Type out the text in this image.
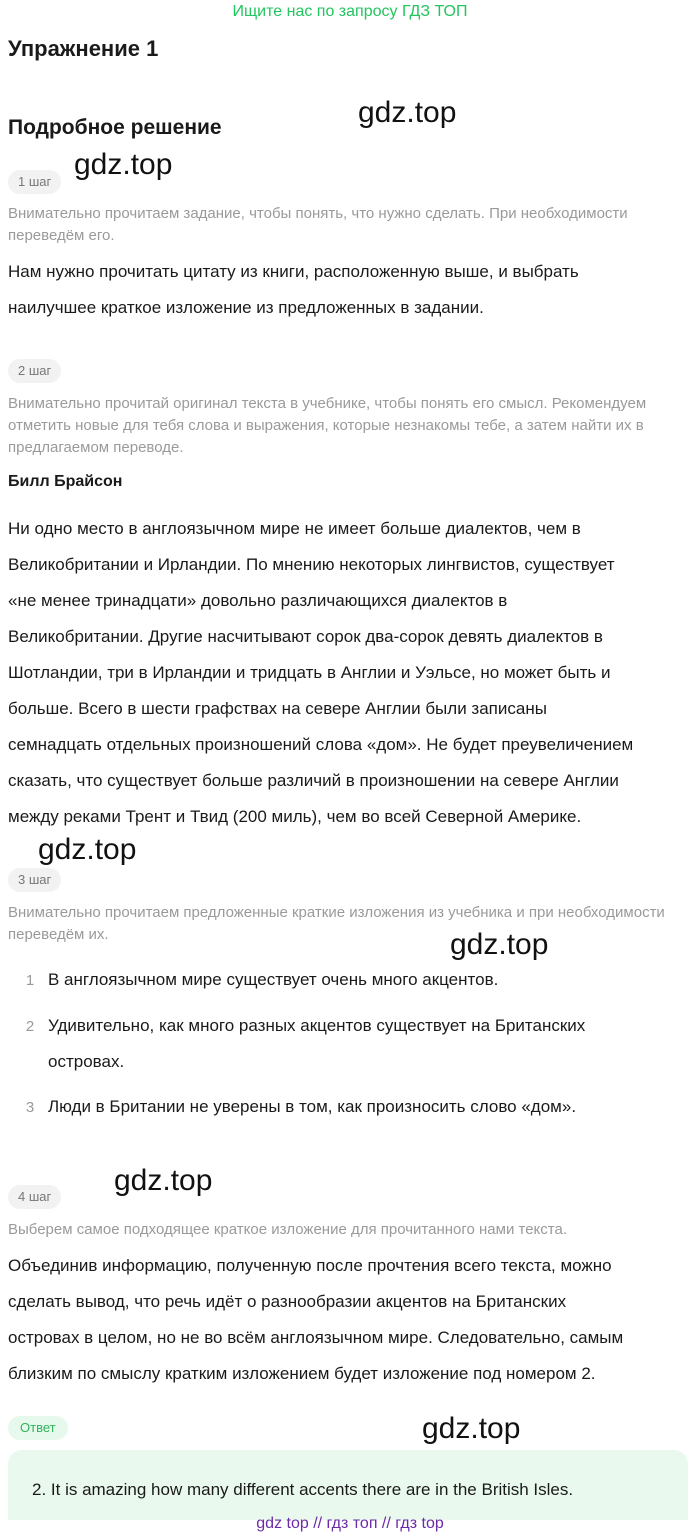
Ищите нас по запросу ГДЗ ТОП
Упражнение 1
Подробное решение
1 шаг
Внимательно прочитаем задание, чтобы понять, что нужно сделать. При необходимости переведём его.
Нам нужно прочитать цитату из книги, расположенную выше, и выбрать
наилучшее краткое изложение из предложенных в задании.
2 шаг
Внимательно прочитай оригинал текста в учебнике, чтобы понять его смысл. Рекомендуем отметить новые для тебя слова и выражения, которые незнакомы тебе, а затем найти их в предлагаемом переводе.
Билл Брайсон
Ни одно место в англоязычном мире не имеет больше диалектов, чем в
Великобритании и Ирландии. По мнению некоторых лингвистов, существует
«не менее тринадцати» довольно различающихся диалектов в
Великобритании. Другие насчитывают сорок два-сорок девять диалектов в
Шотландии, три в Ирландии и тридцать в Англии и Уэльсе, но может быть и
больше. Всего в шести графствах на севере Англии были записаны
семнадцать отдельных произношений слова «дом». Не будет преувеличением
сказать, что существует больше различий в произношении на севере Англии
между реками Трент и Твид (200 миль), чем во всей Северной Америке.
3 шаг
Внимательно прочитаем предложенные краткие изложения из учебника и при необходимости переведём их.
1 В англоязычном мире существует очень много акцентов.
2 Удивительно, как много разных акцентов существует на Британских
островах.
3 Люди в Британии не уверены в том, как произносить слово «дом».
4 шаг
Выберем самое подходящее краткое изложение для прочитанного нами текста.
Объединив информацию, полученную после прочтения всего текста, можно
сделать вывод, что речь идёт о разнообразии акцентов на Британских
островах в целом, но не во всём англоязычном мире. Следовательно, самым
близким по смыслу кратким изложением будет изложение под номером 2.
Ответ
2. It is amazing how many different accents there are in the British Isles.
gdz.top
gdz.top
gdz.top
gdz.top
gdz.top
gdz.top
gdz top // гдз топ // гдз top
